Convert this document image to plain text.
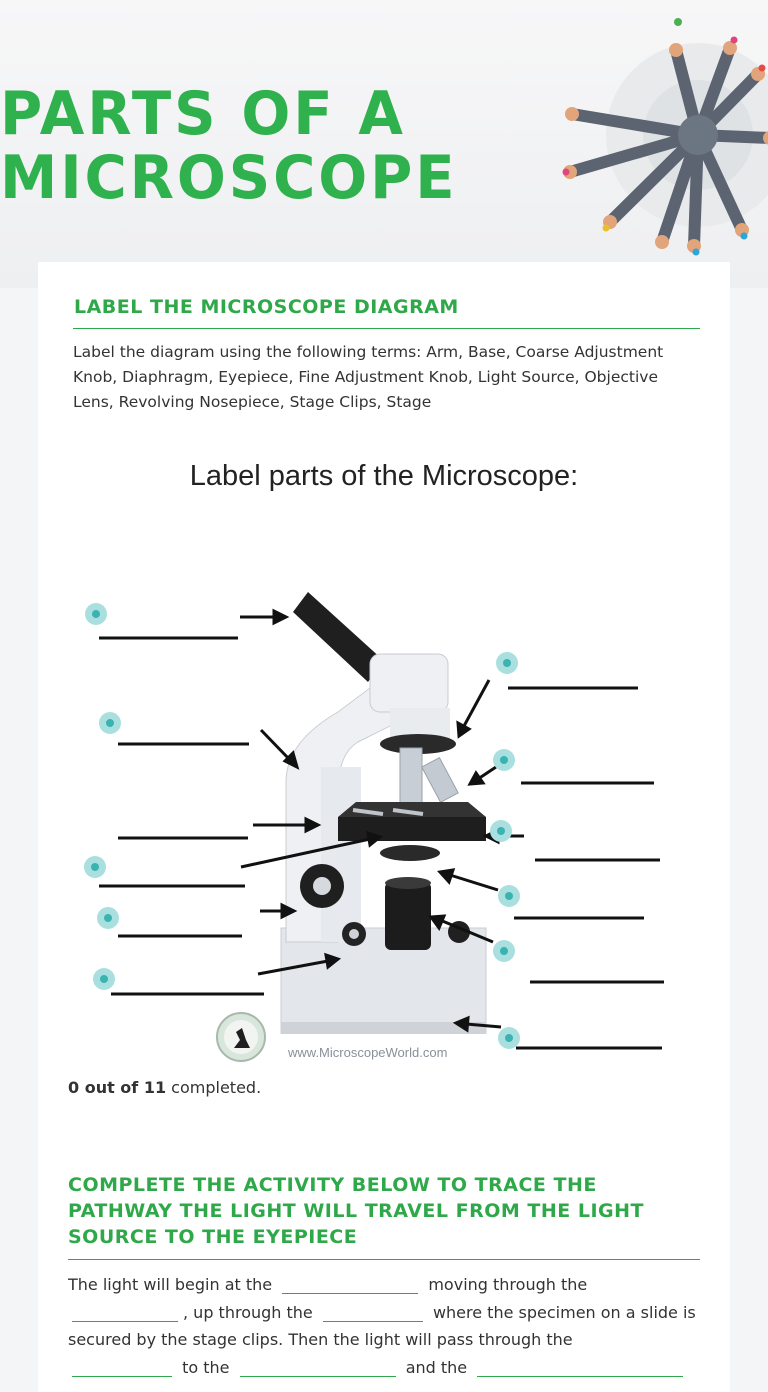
PARTS OF A
MICROSCOPE
LABEL THE MICROSCOPE DIAGRAM

Label the diagram using the following terms: Arm, Base, Coarse Adjustment Knob, Diaphragm, Eyepiece, Fine Adjustment Knob, Light Source, Objective Lens, Revolving Nosepiece, Stage Clips, Stage

Label parts of the Microscope:
www.MicroscopeWorld.com
0 out of 11 completed.
COMPLETE THE ACTIVITY BELOW TO TRACE THE PATHWAY THE LIGHT WILL TRAVEL FROM THE LIGHT SOURCE TO THE EYEPIECE

The light will begin at the	moving through the
, up through the	where the specimen on a slide is secured by the stage clips. Then the light will pass through the
to the	and the
